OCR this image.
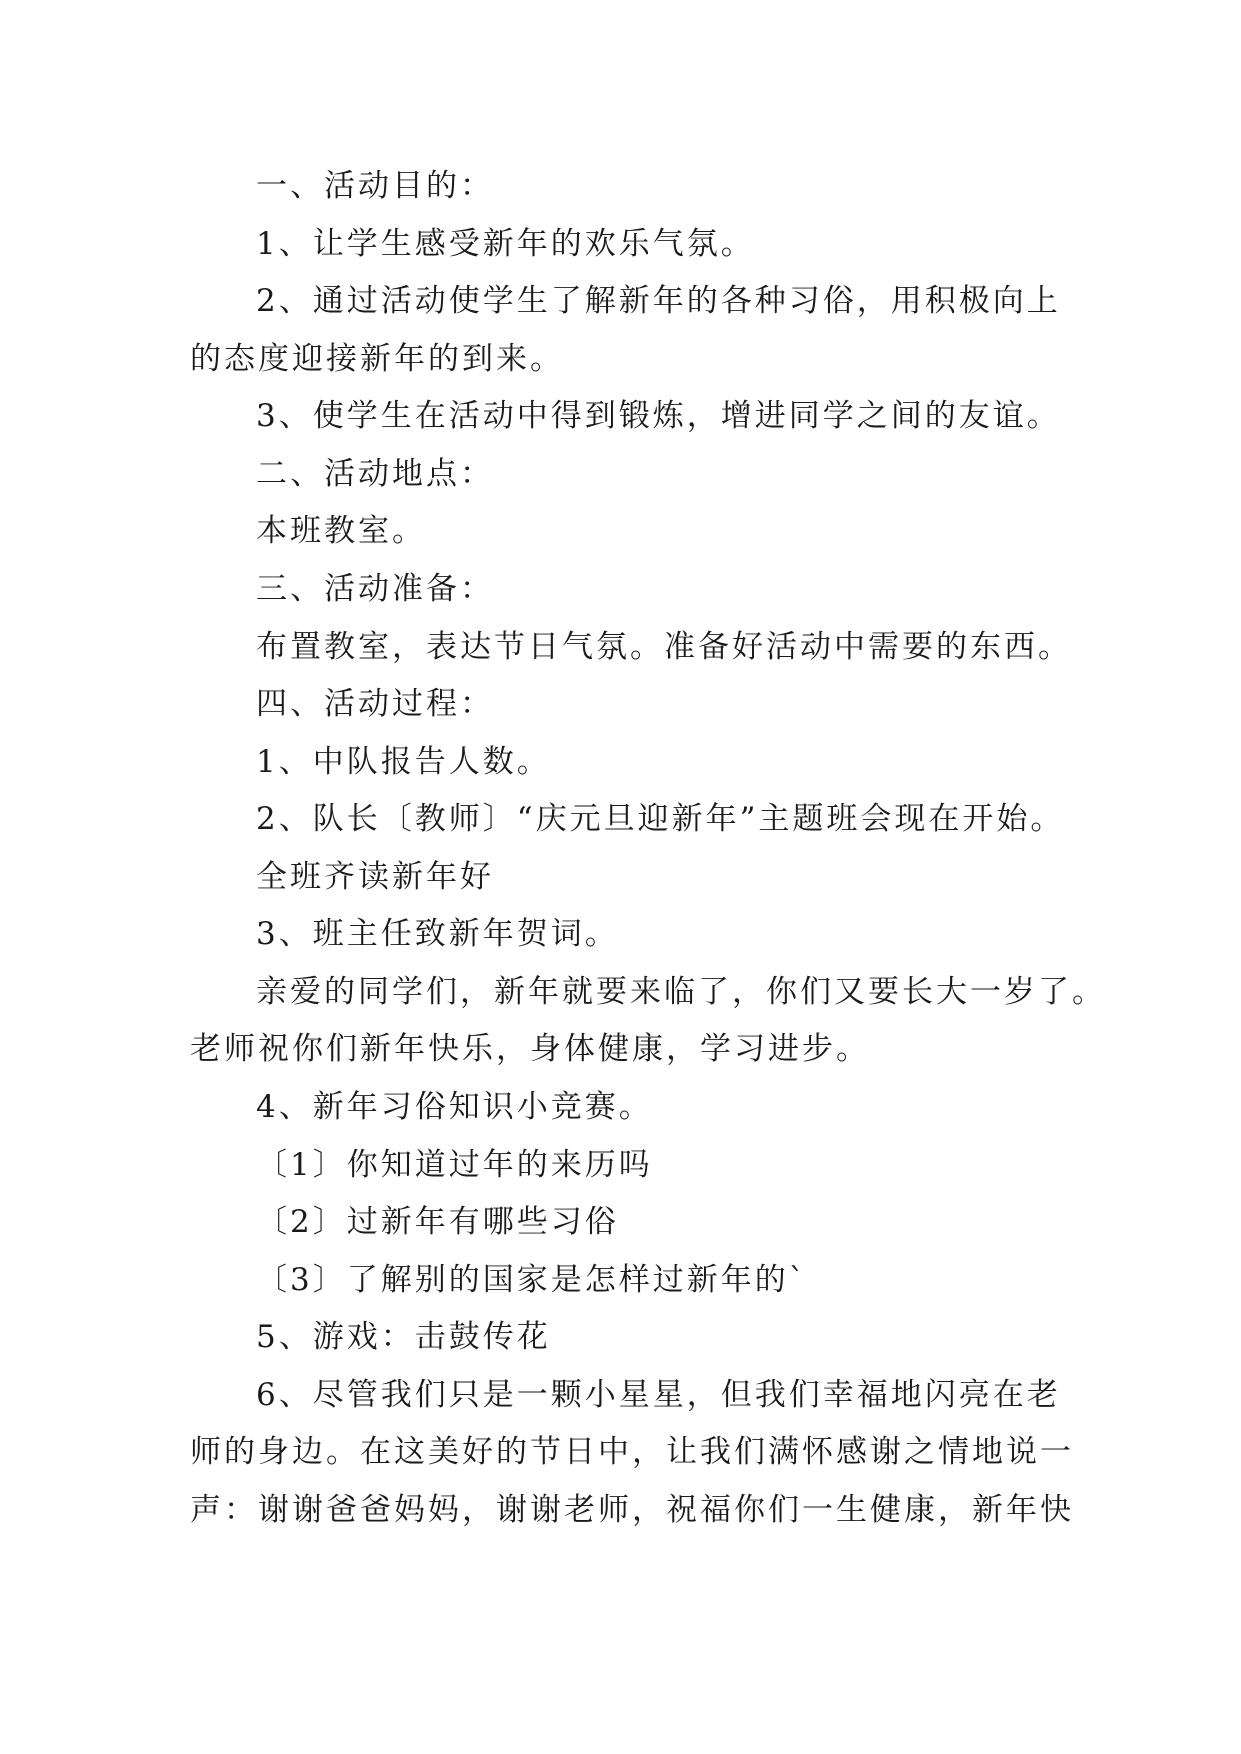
一、活动目的：
1、让学生感受新年的欢乐气氛。
2、通过活动使学生了解新年的各种习俗，用积极向上
的态度迎接新年的到来。
3、使学生在活动中得到锻炼，增进同学之间的友谊。
二、活动地点：
本班教室。
三、活动准备：
布置教室，表达节日气氛。准备好活动中需要的东西。
四、活动过程：
1、中队报告人数。
2、队长〔教师〕“庆元旦迎新年”主题班会现在开始。
全班齐读新年好
3、班主任致新年贺词。
亲爱的同学们，新年就要来临了，你们又要长大一岁了。
老师祝你们新年快乐，身体健康，学习进步。
4、新年习俗知识小竞赛。
〔1〕你知道过年的来历吗
〔2〕过新年有哪些习俗
〔3〕了解别的国家是怎样过新年的`
5、游戏：击鼓传花
6、尽管我们只是一颗小星星，但我们幸福地闪亮在老
师的身边。在这美好的节日中，让我们满怀感谢之情地说一
声：谢谢爸爸妈妈，谢谢老师，祝福你们一生健康，新年快
